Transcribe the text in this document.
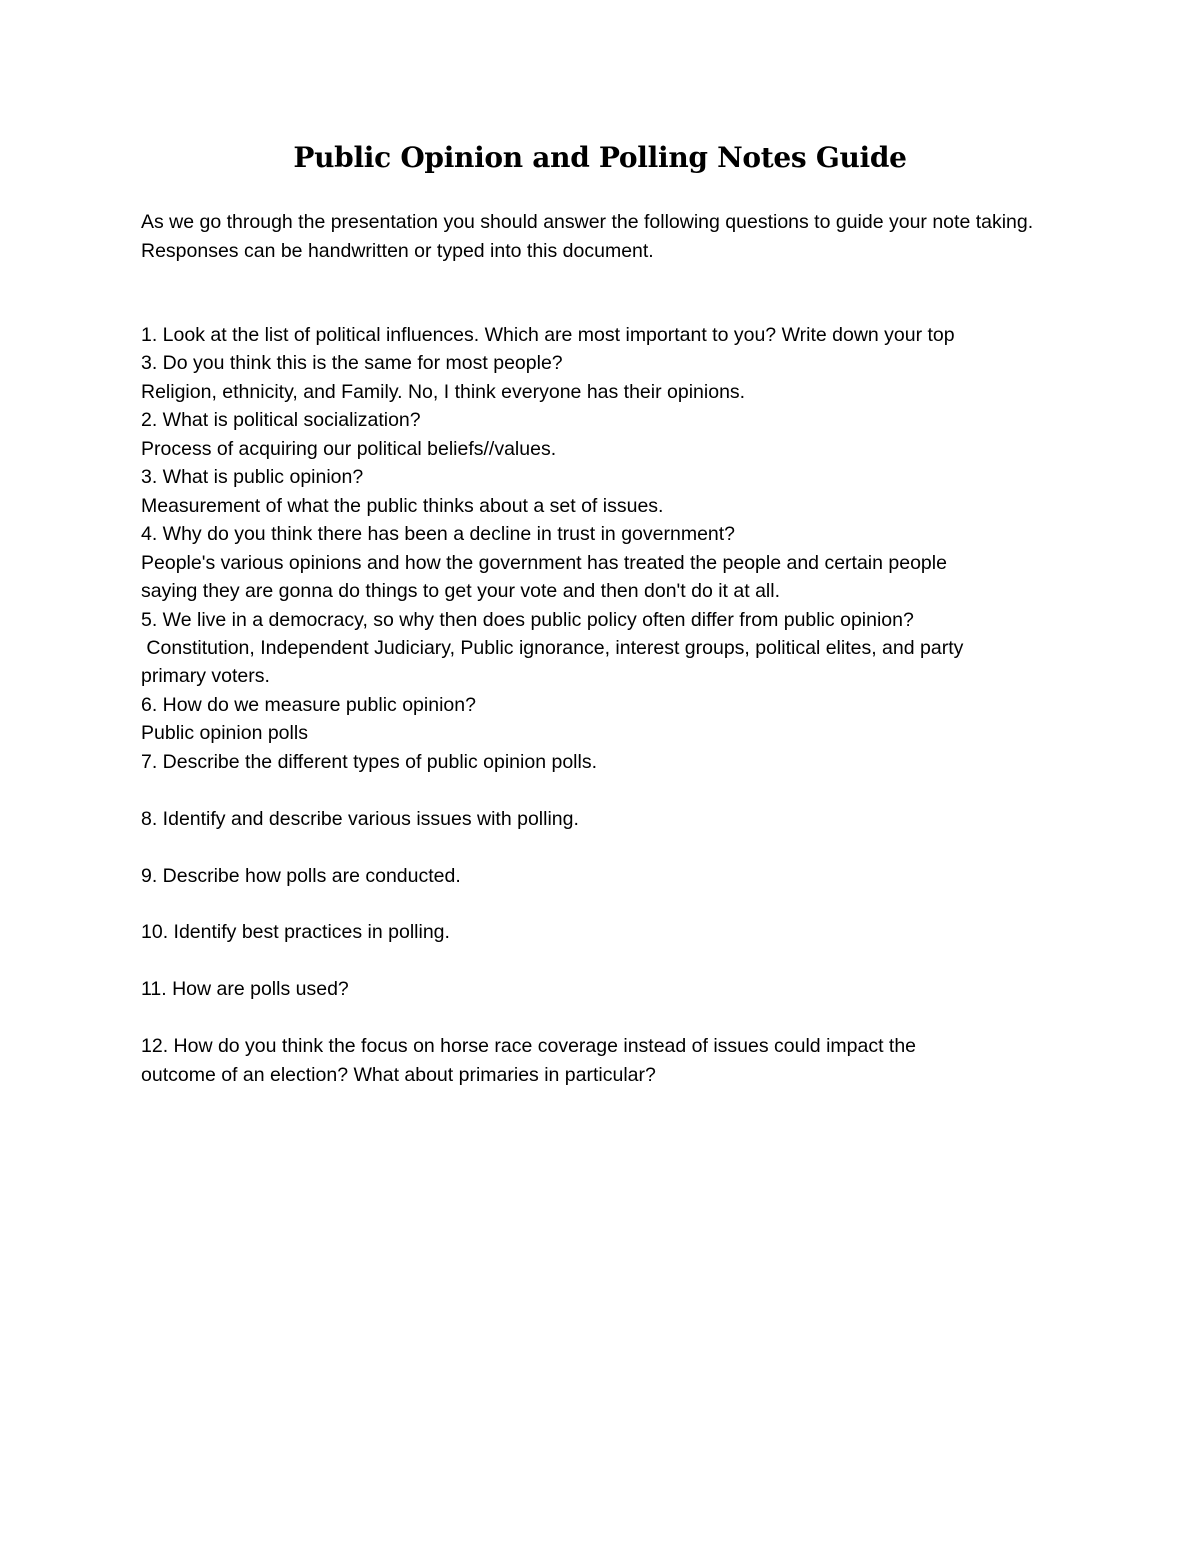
Public Opinion and Polling Notes Guide

As we go through the presentation you should answer the following questions to guide your note taking. Responses can be handwritten or typed into this document.

1. Look at the list of political influences. Which are most important to you? Write down your top
3. Do you think this is the same for most people?
Religion, ethnicity, and Family. No, I think everyone has their opinions.
2. What is political socialization?
Process of acquiring our political beliefs//values.
3. What is public opinion?
Measurement of what the public thinks about a set of issues.
4. Why do you think there has been a decline in trust in government?
People's various opinions and how the government has treated the people and certain people
saying they are gonna do things to get your vote and then don't do it at all.
5. We live in a democracy, so why then does public policy often differ from public opinion?
Constitution, Independent Judiciary, Public ignorance, interest groups, political elites, and party
primary voters.
6. How do we measure public opinion?
Public opinion polls
7. Describe the different types of public opinion polls.
8. Identify and describe various issues with polling.
9. Describe how polls are conducted.
10. Identify best practices in polling.
11. How are polls used?
12. How do you think the focus on horse race coverage instead of issues could impact the
outcome of an election? What about primaries in particular?
